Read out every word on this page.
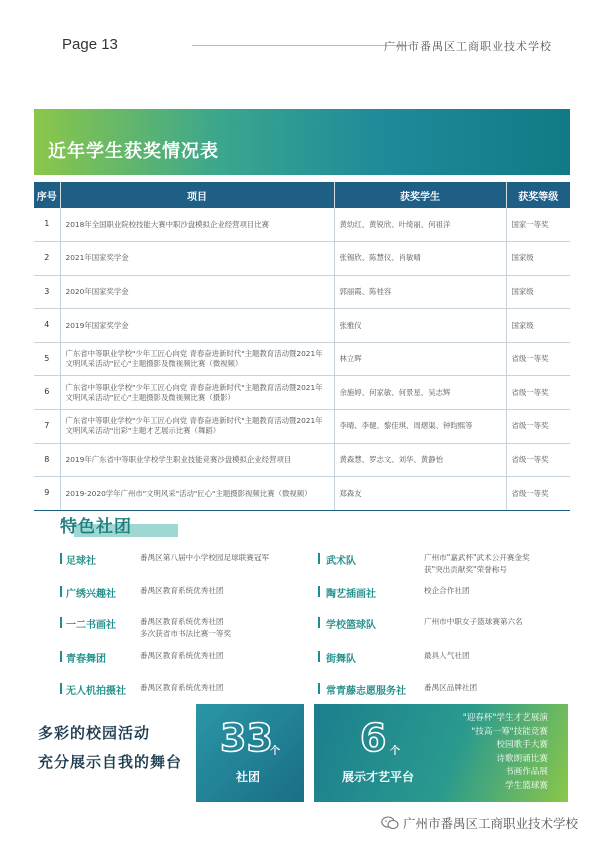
Page 13	广州市番禺区工商职业技术学校
近年学生获奖情况表
序号	项目	获奖学生	获奖等级
1	2018年全国职业院校技能大赛中职沙盘模拟企业经营项目比赛	黄幼红、黄锐欣、叶绮丽、何祖洋	国家一等奖
2	2021年国家奖学金	张锡欣、陈慧仪、肖敏晴	国家级
3	2020年国家奖学金	郭丽霞、陈桂容	国家级
4	2019年国家奖学金	张雅仪	国家级
5	广东省中等职业学校"少年工匠心向党 青春奋进新时代"主题教育活动暨2021年文明风采活动"匠心"主题摄影及微视频比赛（微视频）	林立晖	省级一等奖
6	广东省中等职业学校"少年工匠心向党 青春奋进新时代"主题教育活动暨2021年文明风采活动"匠心"主题摄影及微视频比赛（摄影）	余施婷、何家敏、何景星、吴志辉	省级一等奖
7	广东省中等职业学校"少年工匠心向党 青春奋进新时代"主题教育活动暨2021年文明风采活动"出彩"主题才艺展示比赛（舞蹈）	李晴、李健、黎佳琪、周熠渠、钟昀熙等	省级一等奖
8	2019年广东省中等职业学校学生职业技能竞赛沙盘模拟企业经营项目	黄森慧、罗志文、刘华、黄静怡	省级一等奖
9	2019-2020学年广州市"文明风采"活动"匠心"主题摄影视频比赛（微视频）	郑森友	省级一等奖
特色社团
足球社	番禺区第八届中小学校园足球联赛冠军
广绣兴趣社	番禺区教育系统优秀社团
一二书画社	番禺区教育系统优秀社团
多次获省市书法比赛一等奖
青春舞团	番禺区教育系统优秀社团
无人机拍摄社 番禺区教育系统优秀社团
武术队	广州市"嘉武杯"武术公开赛金奖
获"突出贡献奖"荣誉称号
陶艺插画社	校企合作社团
学校篮球队	广州市中职女子篮球赛第六名
街舞队	最具人气社团
常青藤志愿服务社 番禺区品牌社团
多彩的校园活动
充分展示自我的舞台
33
个
社团
6 个
展示才艺平台
"迎春杯"学生才艺展演
"技高一筹"技能竞赛
校园歌手大赛
诗歌朗诵比赛
书画作品展
学生篮球赛
广州市番禺区工商职业技术学校
